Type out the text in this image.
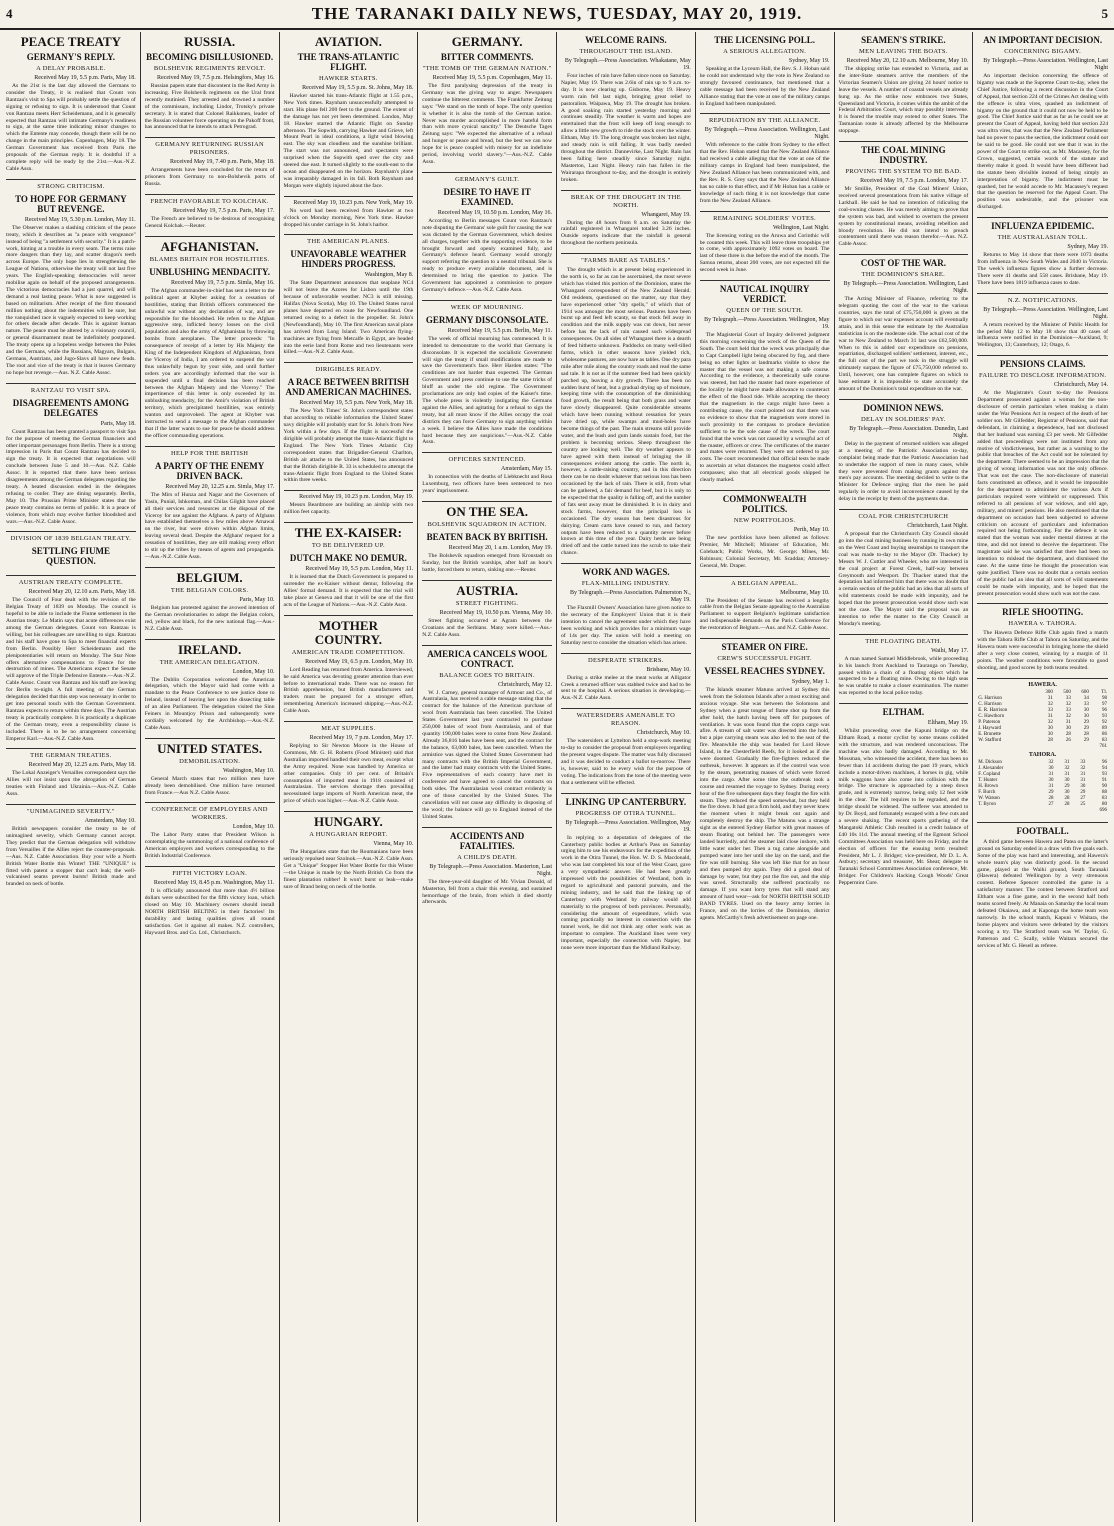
4	THE TARANAKI DAILY NEWS, TUESDAY, MAY 20, 1919.	5
PEACE TREATY
GERMANY'S REPLY.
A DELAY PROBABLE.
Received May 19, 5.5 p.m. Paris, May 18.

As the 21st is the last day allowed the Germans to consider the Treaty, it is realised that Count von Rantzau's visit to Spa will probably settle the question of signing or refusing to sign. It is understood that Count von Rantzau meets Herr Scheidemann, and it is generally expected that Rantzau will intimate Germany's readiness to sign, at the same time indicating minor changes to which the Entente may concede, though there will be no change in the main principles. Copenhagen, May 18. The German Government has received from Paris the proposals of the German reply. It is doubtful if a complete reply will be ready by the 21st.—Aus.-N.Z. Cable Assn.

STRONG CRITICISM.
TO HOPE FOR GERMANY BUT REVENGE.
Received May 19, 5.30 p.m. London, May 11.

The Observer makes a slashing criticism of the peace treaty, which it describes as "a peace with vengeance" instead of being "a settlement with security." It is a patch-work, hinting at a trouble in every seam. The terms raise more dangers than they lay, and scatter dragon's teeth across Europe. The only hope lies in strengthening the League of Nations, otherwise the treaty will not last five years. The English-speaking democracies will never mobilise again on behalf of the proposed arrangements. The victorious democracies had a just quarrel, and will demand a real lasting peace. What is now suggested is based on militarism. After receipt of the first thousand million nothing about the indemnities will be sure, but the vanquished race is vaguely expected to keep working for others decade after decade. This is against human nature. The peace must be altered by a visionary council, or general disarmament must be indefinitely postponed. The treaty opens up a hopeless wedge between the Poles and the Germans, while the Russians, Magyars, Bulgars, Germans, Austrians, and Jugo-Slavs all have new feuds. The root and vice of the treaty is that it leaves Germany no hope but revenge.—Aus. N.Z. Cable Assoc.

RANTZAU TO VISIT SPA.
DISAGREEMENTS AMONG DELEGATES
Paris, May 18.

Count Rantzau has been granted a passport to visit Spa for the purpose of meeting the German financiers and other important personages from Berlin. There is a strong impression in Paris that Count Rantzau has decided to sign the treaty. It is expected that negotiations will conclude between June 5 and 10.—Aus. N.Z. Cable Assoc. It is reported that there have been serious disagreements among the German delegates regarding the treaty. A heated discussion ended in the delegates refusing to confer. They are dining separately. Berlin, May 10. The Prussian Prime Minister states that the peace treaty contains no terms of public. It is a peace of violence, from which may evolve further bloodshed and wars.—Aus.-N.Z. Cable Assoc.

DIVISION OF 1839 BELGIAN TREATY.
SETTLING FIUME QUESTION.
AUSTRIAN TREATY COMPLETE.
Received May 20, 12.10 a.m. Paris, May 18.

The Council of Four dealt with the revision of the Belgian Treaty of 1839 on Monday. The council is hopeful to be able to include the Fiume settlement in the Austrian treaty. Le Matin says that acute differences exist among the German delegates. Count von Rantzau is willing, but his colleagues are unwilling to sign. Rantzau and his staff have gone to Spa to meet financial experts from Berlin. Possibly Herr Scheidemann and the plenipotentiaries will return on Monday. The Star Note offers alternative compensations to France for the destruction of mines. The Americans expect the Senate will approve of the Triple Defensive Entente.—Aus.-N.Z. Cable Assoc. Count von Rantzau and his staff are leaving for Berlin to-night. A full meeting of the German delegation decided that this step was necessary in order to get into personal touch with the German Government. Rantzau expects to return within three days. The Austrian treaty is practically complete. It is practically a duplicate of the German treaty, even a responsibility clause is included. There is to be no arrangement concerning Emperor Karl.—Aus.-N.Z. Cable Assn.

THE GERMAN TREATIES.
Received May 20, 12.25 a.m. Paris, May 18.

The Lokal Anzeiger's Versailles correspondent says the Allies will not insist upon the abrogation of German treaties with Finland and Ukrainia.—Aus.-N.Z. Cable Assn.

"UNIMAGINED SEVERITY."
Amsterdam, May 10.

British newspapers consider the treaty to be of unimagined severity, which Germany cannot accept. They predict that the German delegation will withdraw from Versailles if the Allies reject the counter-proposals.—Aus. N.Z. Cable Association. Buy your wife a North British Water Bottle this Winter! THE "UNIQUE" is fitted with patent a stopper that can't leak; the well-vulcanised seams prevent bursts! British made and branded on neck of bottle.

RUSSIA.
BECOMING DISILLUSIONED.
BOLSHEVIK REGIMENTS REVOLT.
Received May 19, 7.5 p.m. Helsingfors, May 16.

Russian papers state that discontent in the Red Army is increasing. Five Bolshevik regiments on the Ural front recently mutinied. They arrested and drowned a number of the commissars, including Lindor, Trotsky's private secretary. It is stated that Colonel Raikkonen, leader of the Russian volunteer force operating on the Pakoff front, has announced that he intends to attack Petrograd.

GERMANY RETURNING RUSSIAN PRISONERS.
Received May 19, 7.40 p.m. Paris, May 18.

Arrangements have been concluded for the return of prisoners from Germany to non-Bolshevik ports of Russia.

FRENCH FAVORABLE TO KOLCHAK.
Received May 19, 7.5 p.m. Paris, May 17.

The French are believed to be desirous of recognising General Kolchak.—Reuter.

AFGHANISTAN.
BLAMES BRITAIN FOR HOSTILITIES.
UNBLUSHING MENDACITY.
Received May 19, 7.5 p.m. Simla, May 16.

The Afghan commander-in-chief has sent a letter to the political agent at Khyber asking for a cessation of hostilities, stating that British officers commenced the unlawful war without any declaration of war, and are responsible for the bloodshed. He refers to the Afghan aggressive step, inflicted heavy losses on the civil population and also the army of Afghanistan by throwing bombs from aeroplanes. The letter proceeds: "In consequence of receipt of a letter by His Majesty the King of the Independent Kingdom of Afghanistan, from the Viceroy of India, I am ordered to suspend the war thus unlawfully begun by your side, and until further orders you are accordingly informed that the war is suspended until a final decision has been reached between the Afghan Majesty and the Viceroy." The impertinence of this letter is only exceeded by its unblushing mendacity, for the Amir's violation of British territory, which precipitated hostilities, was entirely wanton and unprovoked. The agent at Khyber was instructed to send a message to the Afghan commander that if the latter wants to sue for peace he should address the officer commanding operations.

HELP FOR THE BRITISH
A PARTY OF THE ENEMY DRIVEN BACK.
Received May 20, 12.25 a.m. Simla, May 17.

The Mirs of Hunza and Nagar and the Governors of Yasin, Punial, Ishkoman, and Chilas Gilghit have placed all their services and resources at the disposal of the Viceroy for use against the Afghans. A party of Afghans have established themselves a few miles above Arnawai on the river, but were driven within Afghan limits, leaving several dead. Despite the Afghans' request for a cessation of hostilities, they are still making every effort to stir up the tribes by means of agents and propaganda.—Aus.-N.Z. Cable Assn.

BELGIUM.
THE BELGIAN COLORS.
Paris, May 10.

Belgium has protested against the avowed intention of the German revolutionaries to adopt the Belgian colors, red, yellow and black, for the new national flag.—Aus.-N.Z. Cable Assn.

IRELAND.
THE AMERICAN DELEGATION.
London, May 10.

The Dublin Corporation welcomed the American delegation, which the Mayor said had come with a mandate to the Peace Conference to see justice done to Ireland, instead of leaving her upon the dissecting table of an alien Parliament. The delegation visited the Sinn Feiners in Mountjoy Prison and subsequently were cordially welcomed by the Archbishop.—Aus.-N.Z. Cable Assn.

UNITED STATES.
DEMOBILISATION.
Washington, May 10.

General March states that two million men have already been demobilised. One million have returned from France.—Aus N.Z. Cable Assoc.

CONFERENCE OF EMPLOYERS AND WORKERS.
London, May 10.

The Labor Party states that President Wilson is contemplating the summoning of a national conference of American employers and workers corresponding to the British Industrial Conference.

FIFTH VICTORY LOAN.
Received May 19, 8.45 p.m. Washington, May 11.

It is officially announced that more than 4½ billion dollars were subscribed for the fifth victory loan, which closed on May 10. Machinery owners should install NORTH BRITISH BELTING in their factories! Its durability and lasting qualities gives all round satisfaction. Get it against all makes. N.Z. controllers, Hayward Bros. and Co. Ltd., Christchurch.

AVIATION.
THE TRANS-ATLANTIC FLIGHT.
HAWKER STARTS.
Received May 19, 5.5 p.m. St. Johns, May 18.

Hawker started his trans-Atlantic flight at 1.55 p.m., New York times. Raynham unsuccessfully attempted to start. His plane fell 200 feet to the ground. The extent of the damage has not yet been determined. London, May 18. Hawker started the Atlantic flight on Sunday afternoon. The Sopwith, carrying Hawker and Grieve, left Mount Pearl in ideal conditions, a light wind blowing east. The sky was cloudless and the sunshine brilliant. The start was not announced, and spectators were surprised when the Sopwith sped over the city and steered due east. It turned slightly to the south-east to the ocean and disappeared on the horizon. Raynham's plane was irreparably damaged in its fall. Both Raynham and Morgan were slightly injured about the face.

Received May 19, 10.23 p.m. New York, May 19.

No word had been received from Hawker at two o'clock on Monday morning, New York time. Hawker dropped his under carriage in St. John's harbor.

THE AMERICAN PLANES.
UNFAVORABLE WEATHER HINDERS PROGRESS.
Washington, May 8.

The State Department announces that seaplane NC4 will not leave the Azores for Lisbon until the 19th because of unfavorable weather. NC3 is still missing. Halifax (Nova Scotia), May 10. The United States naval planes have departed en route for Newfoundland. One returned owing to a defect in the propeller. St. John's (Newfoundland), May 10. The first American naval plane has arrived from Long Island. Two American flying-machines are flying from Metcalfe in Egypt, are headed into the eerie land from Rome and two lieutenants were killed.—Aus.-N.Z. Cable Assn.

DIRIGIBLES READY.
A RACE BETWEEN BRITISH AND AMERICAN MACHINES.
Received May 19, 5.5 p.m. New York, May 18.

The New York Times' St. John's correspondent states that according to reliable information the United States' navy dirigible will probably start for St. John's from New York within a few days. If the flight is successful the dirigible will probably attempt the trans-Atlantic flight to England. The New York Times Atlantic City correspondent states that Brigadier-General Charlton, British air attache to the United States, has announced that the British dirigible R. 33 is scheduled to attempt the trans-Atlantic flight from England to the United States within three weeks.

Received May 19, 10.23 p.m. London, May 19.

Messrs Beardmore are building an airship with two million feet capacity.

THE EX-KAISER:
TO BE DELIVERED UP.
DUTCH MAKE NO DEMUR.
Received May 19, 5.5 p.m. London, May 11.

It is learned that the Dutch Government is prepared to surrender the ex-Kaiser without demur, following the Allies' formal demand. It is expected that the trial will take place at Geneva and that it will be one of the first acts of the League of Nations.—Aus.-N.Z. Cable Assn.

MOTHER COUNTRY.
AMERICAN TRADE COMPETITION.
Received May 19, 6.5 p.m. London, May 10.

Lord Reading has returned from America. Interviewed, he said America was devoting greater attention than ever before to international trade. There was no reason for British apprehension, but British manufacturers and traders must be prepared for a stronger effort, remembering America's increased shipping.—Aus.-N.Z. Cable Assn.

MEAT SUPPLIES.
Received May 19, 7 p.m. London, May 17.

Replying to Sir Newton Moore in the House of Commons, Mr. G. H. Roberts (Food Minister) said that Australian imported handled their own meat, except what the Army required. None was handled by America or other companies. Only 10 per cent. of Britain's consumption of imported meat in 1918 consisted of Australasian. The services shortage then prevailing necessitated large imports of North American meat, the price of which was higher.—Aus.-N.Z. Cable Assn.

HUNGARY.
A HUNGARIAN REPORT.
Vienna, May 10.

The Hungarians state that the Roumanians have been seriously repulsed near Szolnok.—Aus.-N.Z. Cable Assn. Get a "Unique" Stopper Hot Water Bottle for this Winter—the Unique is made by the North British Co from the finest plantation rubber! It won't burst or leak—make sure of Brand being on neck of the bottle.

GERMANY.
BITTER COMMENTS.
"THE TOMB OF THE GERMAN NATION."
Received May 19, 5.5 p.m. Copenhagen, May 11.

The first paralysing depression of the treaty in Germany was the giving way to anger. Newspapers continue the bitterest comments. The Frankfurter Zeitung says: "We stand on the tomb of hope. The only question is whether it is also the tomb of the German nation. Never was murder accomplished in more hateful form than with more cynical sanctity." The Deutsche Tages Zeitung says: "We expected the alternative of a refusal and hunger or peace and bread, but the best we can now hope for is peace coupled with misery for an indefinite period, involving world slavery."—Aus.-N.Z. Cable Assn.

GERMANY'S GUILT.
DESIRE TO HAVE IT EXAMINED.
Received May 19, 10.50 p.m. London, May 16.

According to Berlin messages Count von Rantzau's note disputing the Germans' sole guilt for causing the war was dictated by the German Government, which desires all charges, together with the supporting evidence, to be brought forward and openly examined fully, and Germany's defence heard. Germany would strongly support referring the question to a neutral tribunal. She is ready to produce every available document, and is determined to bring the question to justice. The Government has appointed a commission to prepare Germany's defence.—Aus.-N.Z. Cable Assn.

WEEK OF MOURNING.
GERMANY DISCONSOLATE.
Received May 19, 5.5 p.m. Berlin, May 11.

The week of official mourning has commenced. It is intended to demonstrate to the world that Germany is disconsolate. It is expected the socialistic Government will sign the treaty if small modifications are made to save the Government's face. Herr Harden states: "The conditions are not harder than expected. The German Government and press continue to use the same tricks of bluff as under the old regime. The Government proclamations are only bad copies of the Kaiser's time. The whole press is violently instigating the Germans against the Allies, and agitating for a refusal to sign the treaty, but all must know if the Allies occupy the coal districts they can force Germany to sign anything within a week. I believe the Allies have made the conditions hard because they are suspicious."—Aus.-N.Z. Cable Assn.

OFFICERS SENTENCED.
Amsterdam, May 15.

In connection with the deaths of Liebknecht and Rosa Luxemburg, two officers have been sentenced to two years' imprisonment.

ON THE SEA.
BOLSHEVIK SQUADRON IN ACTION.
BEATEN BACK BY BRITISH.
Received May 20, 1 a.m. London, May 19.

The Bolshevik squadron emerged from Kronstadt on Sunday, but the British warships, after half an hour's battle, forced them to return, sinking one.—Reuter.

AUSTRIA.
STREET FIGHTING.
Received May 19, 10.50 p.m. Vienna, May 10.

Street fighting occurred at Agram between the Croatians and the Serbians. Many were killed.—Aus.-N.Z. Cable Assn.

AMERICA CANCELS WOOL CONTRACT.
BALANCE GOES TO BRITAIN.
Christchurch, May 12.

W. J. Carney, general manager of Armour and Co., of Australasia, has received a cable message stating that the contract for the balance of the American purchase of wool from Australasia has been cancelled. The United States Government last year contracted to purchase 250,000 bales of wool from Australasia, and of that quantity 190,000 bales were to come from New Zealand. Already 36,816 bales have been sent, and the contract for the balance, 63,000 bales, has been cancelled. When the armistice was signed the United States Government had many contracts with the British Imperial Government, and the latter had many contracts with the United States. Five representatives of each country have met in conference and have agreed to cancel the contracts on both sides. The Australasian wool contract evidently is one of those cancelled by the United States. The cancellation will not cause any difficulty in disposing of the wool; the balance will go to England instead of the United States.

ACCIDENTS AND FATALITIES.
A CHILD'S DEATH.
By Telegraph.—Press Association. Masterton, Last Night.

The three-year-old daughter of Mr. Vivian Donald, of Masterton, fell from a chair this evening, and sustained hemorrhage of the brain, from which it died shortly afterwards.

WELCOME RAINS.
THROUGHOUT THE ISLAND.
By Telegraph.—Press Association. Whakatane, May 19.

Four inches of rain have fallen since noon on Saturday. Napier, May 19. There was 2.6in of rain up to 9 a.m. to-day. It is now clearing up. Gisborne, May 19. Heavy warm rain fell last night, bringing great relief to pastoralists. Waipawa, May 19. The drought has broken. A good soaking rain started yesterday morning and continues steadily. The weather is warm and hopes are entertained that the frost will keep off long enough to allow a little new growth to ride the stock over the winter. Eltham, May 19. The long drought was broken last night, and steady rain is still falling. It was badly needed throughout the district. Dannevirke, Last Night. Rain has been falling here steadily since Saturday night. Masterton, Last Night. Heavy rain has fallen in the Wairarapa throughout to-day, and the drought is entirely broken.

BREAK OF THE DROUGHT IN THE NORTH.
Whangarei, May 19.

During the 48 hours from 8 a.m. on Saturday the rainfall registered in Whangarei totalled 3.26 inches. Outside reports indicate that the rainfall is general throughout the northern peninsula.

"FARMS BARE AS TABLES."

The drought which is at present being experienced in the north is, so far as can be ascertained, the most severe which has visited this portion of the Dominion, states the Whangarei correspondent of the New Zealand Herald. Old residents, questioned on the matter, say that they have experienced other "dry spells," of which that of 1914 was amongst the most serious. Pastures have been burnt up and feed left scanty, so that stock fell away in condition and the milk supply was cut down, but never before has the lack of rain caused such widespread consequences. On all sides of Whangarei there is a dearth of feed hitherto unknown. Paddocks on many well-tilled farms, which in other seasons have yielded rich, wholesome pastures, are now bare as tables. One dry para mile after mile along the country roads and read the same sad tale. It is not as if the summer feed had been quickly parched up, leaving a dry growth. There has been no sudden burst of heat, but a gradual drying up of moisture, keeping time with the consumption of the diminishing food growth, the result being that both grass and water have slowly disappeared. Quite considerable streams which have been running without cessation for years have dried up, while swamps and mud-holes have become things of the past. The main streams still provide water, and the bush and gum lands sustain food, but the problem is becoming serious. Sheep throughout the country are looking well. The dry weather appears to have agreed with them instead of bringing the ill consequences evident among the cattle. The north is, however, a cattle-raising country, and in this direction there can be no doubt whatever that serious loss has been occasioned by the lack of rain. There is still, from what can be gathered, a fair demand for beef, but it is only to be expected that the quality is falling off, and the number of fats sent away must be diminished. It is in dairy and stock farms, however, that the principal loss is occasioned. The dry season has been disastrous for dairying. Cream carts have ceased to run, and factory outputs have been reduced to a quantity never before known at this time of the year. Dairy herds are being dried off and the cattle turned into the scrub to take their chance.

WORK AND WAGES.
FLAX-MILLING INDUSTRY.
By Telegraph.—Press Association. Palmerston N., May 19.

The Flaxmill Owners' Association have given notice to the secretary of the Employers' Union that it is their intention to cancel the agreement under which they have been working and which provides for a minimum wage of 14s per day. The union will hold a meeting on Saturday next to consider the situation which has arisen.

DESPERATE STRIKERS.
Brisbane, May 10.

During a strike melee at the meat works at Alligator Creek a returned officer was stabbed twice and had to be sent to the hospital. A serious situation is developing.—Aus.-N.Z. Cable Assn.

WATERSIDERS AMENABLE TO REASON.
Christchurch, May 10.

The watersiders at Lyttelton held a stop-work meeting to-day to consider the proposal from employers regarding the present wages dispute. The matter was fully discussed and it was decided to conduct a ballot to-morrow. There is, however, said to be every wish for the purpose of voting. The indications from the tone of the meeting were that a settlement will be effected.

LINKING UP CANTERBURY.
PROGRESS OF OTIRA TUNNEL.
By Telegraph.—Press Association. Wellington, May 19.

In replying to a deputation of delegates of the Canterbury public bodies at Arthur's Pass on Saturday urging him to use his endeavours for the expedition of the work in the Otira Tunnel, the Hon. W. D. S. Macdonald, who was last completed his tour of the West Coast, gave a very sympathetic answer. He had been greatly impressed with the possibilities of Westland, both in regard to agricultural and pastoral pursuits, and the mining industry, and he said that the linking up of Canterbury with Westland by railway would add materially to the progress of both provinces. Personally, considering the amount of expenditure, which was coming practically no interest in connection with the tunnel work, he did not think any other work was as important to complete. The Auckland lines were very important, especially the connection with Napier, but none were more important than the Midland Railway.

THE LICENSING POLL.
A SERIOUS ALLEGATION.
Sydney, May 19.

Speaking at the Lyceum Hall, the Rev. S. J. Hoban said he could not understand why the vote in New Zealand so strongly favoured continuance, but mentioned that a cable message had been received by the New Zealand Alliance stating that the vote at one of the military camps in England had been manipulated.

REPUDIATION BY THE ALLIANCE.
By Telegraph.—Press Association. Wellington, Last Night.

With reference to the cable from Sydney to the effect that the Rev. Hoban stated that the New Zealand Alliance had received a cable alleging that the vote at one of the military camps in England had been manipulated, the New Zealand Alliance has been communicated with, and the Rev. R. S. Grey says that the New Zealand Alliance has no cable to that effect, and if Mr Hoban has a cable or knowledge of such thing it is not knowledge that came from the New Zealand Alliance.

REMAINING SOLDIERS' VOTES.
Wellington, Last Night.

The licensing voting on the Aruwa and Corinthic will be counted this week. This will leave three troopships yet to come, with approximately 1092 votes on board. The last of these three is due before the end of the month. The Samoa returns, about 200 votes, are not expected till the second week in June.

NAUTICAL INQUIRY VERDICT.
QUEEN OF THE SOUTH.
By Telegraph.—Press Association. Wellington, May 19.

The Magisterial Court of Inquiry delivered judgment this morning concerning the wreck of the Queen of the South. The court held that the wreck was principally due to Capt Campbell light being obscured by fog, and there being no other lights or landmarks visible to show the master that the vessel was not making a safe course. According to the evidence, a theoretically safe course was steered, but had the master had more experience of the locality he might have made allowance to counteract the effect of the flood tide. While accepting the theory that the magnetism in the cargo might have been a contributing cause, the court pointed out that there was no evidence to show that the magnetism were stored in such proximity to the compass to produce deviation sufficient to be the sole cause of the wreck. The court found that the wreck was not caused by a wrongful act of the master, officers or crew. The certificates of the master and mates were returned. They were not ordered to pay costs. The court recommended that official tests be made to ascertain at what distances the magnetos could affect compasses; also that all electrical goods shipped be clearly marked.

COMMONWEALTH POLITICS.
NEW PORTFOLIOS.
Perth, May 10.

The new portfolios have been allotted as follows: Premier, Mr Mitchell; Minister of Education, Mr. Colebatch; Public Works, Mr. George; Mines, Mr. Robinson; Colonial Secretary, Mr. Scaddan; Attorney-General, Mr. Draper.

A BELGIAN APPEAL.
Melbourne, May 10.

The President of the Senate has received a lengthy cable from the Belgian Senate appealing to the Australian Parliament to support Belgium's legitimate satisfaction and indispensable demands on the Paris Conference for the restoration of Belgium.—Aus. and N.Z. Cable Assoc.

STEAMER ON FIRE.
CREW'S SUCCESSFUL FIGHT.
VESSEL REACHES SYDNEY.
Sydney, May 1.

The Islands steamer Matunu arrived at Sydney this week from the Solomon Islands after a most exciting and anxious voyage. She was between the Solomons and Sydney when a great tongue of flame shot up from the after hold, the hatch having been off for purposes of ventilation. It was soon found that the copra cargo was afire. A stream of salt water was directed into the hold, but a pipe carrying steam was also led to the seat of the fire. Meanwhile the ship was headed for Lord Howe Island, in the Chesterfield Reefs, for it looked as if she were doomed. Gradually the fire-fighters reduced the outbreak, however. It appears as if the control was won by the steam, penetrating masses of which were forced into the cargo. After some time the outbreak took a course and resumed the voyage to Sydney. During every hour of the five subsequent days they fought the fire with steam. They reduced the speed somewhat, but they held the fire down. It had got a firm hold, and they never knew the moment when it might break out again and completely destroy the ship. The Matunu was a strange sight as she entered Sydney Harbor with great masses of steam floating out behind her. The passengers were landed hurriedly, and the steamer laid close inshore, with little water under her. Then a tug came alongside and pumped water into her until she lay on the sand, and the fire was still burning. She was left like that for an hour and then pumped dry again. They did a good deal of damage by water, but they put the fire out, and the ship was saved. Structurally she suffered practically no damage. If you want lorry tyres that will stand any amount of hard wear—ask for NORTH BRITISH SOLID BAND TYRES. Used on the heavy army lorries in France, and on the lorries of the Dominion, district agents. McCarthy's fresh advertisement on page one.

SEAMEN'S STRIKE.
MEN LEAVING THE BOATS.
Received May 20, 12.10 a.m. Melbourne, May 10.

The shipping strike has extended to Victoria, and as the inter-State steamers arrive the members of the Victorian Seamen's Union are giving 24 hours' notice to leave the vessels. A number of coastal vessels are already hung up. As the strike now embraces two States, Queensland and Victoria, it comes within the ambit of the Federal Arbitration Court, which may possibly intervene. It is feared the trouble may extend to other States. The Tasmanian route is already affected by the Melbourne stoppage.

THE COAL MINING INDUSTRY.
PROVING THE SYSTEM TO BE BAD.
Received May 19, 7.5 p.m. London, May 17.

Mr Smillie, President of the Coal Miners' Union, received several presentations from his native village of Larkhall. He said he had no intention of ridiculing the coal-owning classes. He was merely aiming to prove that the system was bad, and wished to overturn the present system by constitutional means, avoiding rebellion and bloody revolution. He did not intend to preach contentment until there was reason therefor.—Aus. N.Z. Cable Assoc.

COST OF THE WAR.
THE DOMINION'S SHARE.
By Telegraph.—Press Association. Wellington, Last Night.

The Acting Minister of Finance, referring to the telegram quoting the cost of the war to the various countries, says the total of £75,750,000 is given as the figure to which our war expenses account will eventually attain, and in this sense the estimate by the Australian statistician is on the moderate side. The actual cost of the war to New Zealand to March 31 last was £62,500,000. When to this is added our expenditure on pensions, repatriation, discharged soldiers' settlement, interest, etc., the full cost of the part we took in the struggle will ultimately surpass the figure of £75,750,000 referred to. Until, however, one has complete figures on which to base estimate it is impossible to state accurately the amount of the Dominion's total expenditure on the war.

DOMINION NEWS.
DELAY IN SOLDIERS' PAY.
By Telegraph.—Press Association. Dunedin, Last Night.

Delay in the payment of returned soldiers was alleged at a meeting of the Patriotic Association to-day, complaint being made that the Patriotic Association had to undertake the support of men in many cases, while they were prevented from making grants against the men's pay accounts. The meeting decided to write to the Minister for Defence urging that the men be paid regularly in order to avoid inconvenience caused by the delay in the receipt by them of the payments due.

COAL FOR CHRISTCHURCH
Christchurch, Last Night.

A proposal that the Christchurch City Council should go into the coal mining business by running its own mine on the West Coast and buying steamships to transport the coal was made to-day to the Mayor (Dr. Thacker) by Messrs W. J. Cuttler and Wheeler, who are interested in the coal project at Forest Creek, half-way between Greymouth and Westport. Dr. Thacker stated that the deputation had informed him that there was no doubt that a certain section of the public had an idea that all sorts of wild statements could be made with impunity, and he hoped that the present prosecution would show such was not the case. The Mayor said the proposal was an intention to refer the matter to the City Council at Monday's meeting.

THE FLOATING DEATH.
Waihi, May 17.

A man named Samuel Middlebrook, while proceeding in his launch from Auckland to Tauranga on Tuesday, passed within a chain of a floating object which he suspected to be a floating mine. Owing to the high seas he was unable to make a closer examination. The matter was reported to the local police today.

ELTHAM.
Eltham, May 19.

Whilst proceeding over the Kapuni bridge on the Eltham Road, a motor cyclist by some means collided with the structure, and was rendered unconscious. The machine was also badly damaged. According to Mr. Mossman, who witnessed the accident, there has been no fewer than 14 accidents during the past 19 years, which include a motor-driven machines, 4 horses in gig, while milk waggons have also come into collision with the bridge. The structure is approached by a steep down grade, and is extremely narrow, being only 12 feet wide in the clear. The hill requires to be regraded, and the bridge should be widened. The sufferer was attended to by Dr. Boyd, and fortunately escaped with a few cuts and a severe shaking. The recent sports gathering of the Mangatoki Athletic Club resulted in a credit balance of £40 10s 11d. The annual meeting of the Egmont School Committees Association was held here on Friday, and the election of officers for the ensuing term resulted: President, Mr L. J. Bridger; vice-president, Mr D. L. A. Astbury; secretary and treasurer, Mr. Sheat; delegate to Taranaki School Committees Association conference, Mr. Bridger. For Children's Hacking Cough Woods' Great Peppermint Cure.

AN IMPORTANT DECISION.
CONCERNING BIGAMY.
By Telegraph.—Press Association. Wellington, Last Night

An important decision concerning the offence of bigamy was made at the Supreme Court to-day, when the Chief Justice, following a recent discussion in the Court of Appeal, that section 224 of the Crimes Act dealing with the offence is ultra vires, quashed an indictment of bigamy on the ground that it could not now be held to be good. The Chief Justice said that as far as he could see at present the Court of Appeal, having held that section 224 was ultra vires, that was that the New Zealand Parliament had no power to pass the section, the indictment could not be said to be good. He could not see that it was in the power of the Court to strike out, as Mr. Macassey, for the Crown, suggested, certain words of the statute and thereby make it good. It would have been different had the statute been divisible instead of being simply an interpretation of bigamy. The indictment must be quashed, but he would accede to Mr. Macassey's request that the question be reserved for the Appeal Court. The position was undesirable, and the prisoner was discharged.

INFLUENZA EPIDEMIC.
THE AUSTRALASIAN TOLL.
Sydney, May 19.

Returns to May 14 show that there were 1073 deaths from influenza in New South Wales and 2040 in Victoria. The week's influenza figures show a further decrease. There were 41 deaths and 558 cases. Brisbane, May 19. There have been 1819 influenza cases to date.

N.Z. NOTIFICATIONS.
By Telegraph.—Press Association. Wellington, Last Night.

A return received by the Minister of Public Health for the period May 12 to May 18 show that 40 cases of influenza were notified in the Dominion—Auckland, 9; Wellington, 13; Canterbury, 12; Otago, 6.

PENSIONS CLAIMS.
FAILURE TO DISCLOSE INFORMATION.
Christchurch, May 14.

At the Magistrate's Court to-day the Pensions Department prosecuted against a woman for the non-disclosure of certain particulars when making a claim under the War Pensions Act in respect of the death of her soldier son. Mr Gilfedder, Registrar of Pensions, said that defendant, in claiming a dependence, had not disclosed that her husband was earning £3 per week. Mr Gilfedder added that proceedings were not instituted from any motive of vindictiveness, but rather as a warning to the public that breaches of the Act could not be tolerated by the department. There seemed to be an impression that the giving of wrong information was not the only offence. That was not the case. The non-disclosure of material facts constituted an offence, and it would be impossible for the department to administer the various Acts if particulars required were withheld or suppressed. This referred to all pensions of war widows, and old age, military, and miners' pensions. He also mentioned that the department on occasion had been subjected to adverse criticism on account of particulars and information required not being forthcoming. For the defence it was stated that the woman was under mental distress at the time, and did not intend to deceive the department. The magistrate said he was satisfied that there had been no intention to mislead the department, and dismissed the case. At the same time he thought the prosecution was quite justified. There was no doubt that a certain section of the public had an idea that all sorts of wild statements could be made with impunity, and he hoped that the present prosecution would show such was not the case.

RIFLE SHOOTING.
HAWERA v. TAHORA.

The Hawera Defence Rifle Club again fired a match with the Tahora Rifle Club at Tahora on Saturday, and the Hawera team were successful in bringing home the shield after a very close contest, winning by a margin of 11 points. The weather conditions were favorable to good shooting, and good scores by both teams resulted.

HAWERA.
	300	500	600	Tl.
G. Harrison	31	33	34	98
C. Harrison	32	32	33	97
E. R. Harrison	33	33	30	96
C. Hawthorn	31	32	30	93
P. Paterson	32	31	29	92
J. Hayward	30	30	29	89
E. Brunette	30	28	28	86
W. Stafford	28	26	29	83
				761
TAHORA.
M. Dickson	32	31	33	96
J. Alexander	30	32	32	94
F. Copland	31	31	31	93
T. Hunter	30	30	31	91
H. Brown	31	29	30	90
F. Burch	29	30	29	88
W. Watson	28	28	27	83
T. Byron	27	28	25	80
				696
FOOTBALL.

A third game between Hawera and Patea on the latter's ground on Saturday ended in a draw with five goals each. Some of the play was hard and interesting, and Hawera's whole team's play was distinctly good. In the second game, played at the Waihi ground, South Taranaki (Hawera) defeated Wellington by a very strenuous contest. Referee Spencer controlled the game in a satisfactory manner. The contest between Stratford and Eltham was a fine game, and in the second half both teams scored freely. At Manaia on Saturday the local team defeated Okaiawa, and at Kaponga the home team won narrowly. In the school match, Kapuni v Waitara, the home players and visitors were defeated by the visitors scoring a try. The Stratford team was W. Taylor, G. Patterson and C. Scally, while Waitara secured the services of Mr. G. Hesell as referee.
